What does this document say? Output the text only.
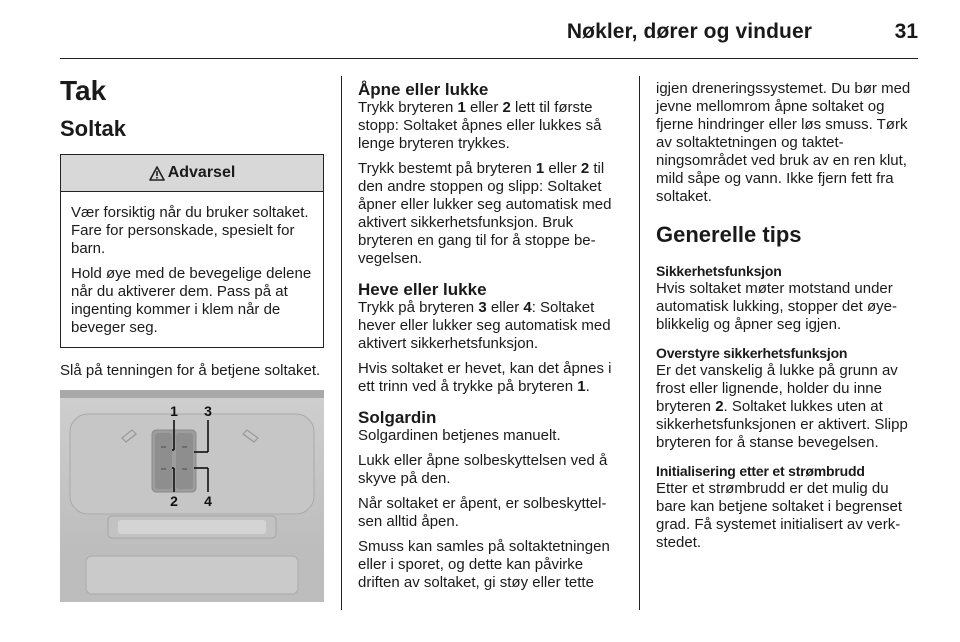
Nøkler, dører og vinduer	31
Tak
Soltak
Advarsel

Vær forsiktig når du bruker soltaket. Fare for personskade, spesielt for barn.

Hold øye med de bevegelige delene når du aktiverer dem. Pass på at ingenting kommer i klem når de beveger seg.

Slå på tenningen for å betjene soltaket.

1 3
2 4
Åpne eller lukke

Trykk bryteren 1 eller 2 lett til første stopp: Soltaket åpnes eller lukkes så lenge bryteren trykkes.

Trykk bestemt på bryteren 1 eller 2 til den andre stoppen og slipp: Soltaket åpner eller lukker seg automatisk med aktivert sikkerhetsfunksjon. Bruk bryteren en gang til for å stoppe bevegelsen.

Heve eller lukke

Trykk på bryteren 3 eller 4: Soltaket hever eller lukker seg automatisk med aktivert sikkerhetsfunksjon.

Hvis soltaket er hevet, kan det åpnes i ett trinn ved å trykke på bryteren 1.

Solgardin

Solgardinen betjenes manuelt.

Lukk eller åpne solbeskyttelsen ved å skyve på den.

Når soltaket er åpent, er solbeskyttelsen alltid åpen.

Smuss kan samles på soltaktetningen eller i sporet, og dette kan påvirke driften av soltaket, gi støy eller tette

igjen dreneringssystemet. Du bør med jevne mellomrom åpne soltaket og fjerne hindringer eller løs smuss. Tørk av soltaktetningen og taktetningsområdet ved bruk av en ren klut, mild såpe og vann. Ikke fjern fett fra soltaket.

Generelle tips
Sikkerhetsfunksjon

Hvis soltaket møter motstand under automatisk lukking, stopper det øyeblikkelig og åpner seg igjen.

Overstyre sikkerhetsfunksjon

Er det vanskelig å lukke på grunn av frost eller lignende, holder du inne bryteren 2. Soltaket lukkes uten at sikkerhetsfunksjonen er aktivert. Slipp bryteren for å stanse bevegelsen.

Initialisering etter et strømbrudd

Etter et strømbrudd er det mulig du bare kan betjene soltaket i begrenset grad. Få systemet initialisert av verkstedet.
